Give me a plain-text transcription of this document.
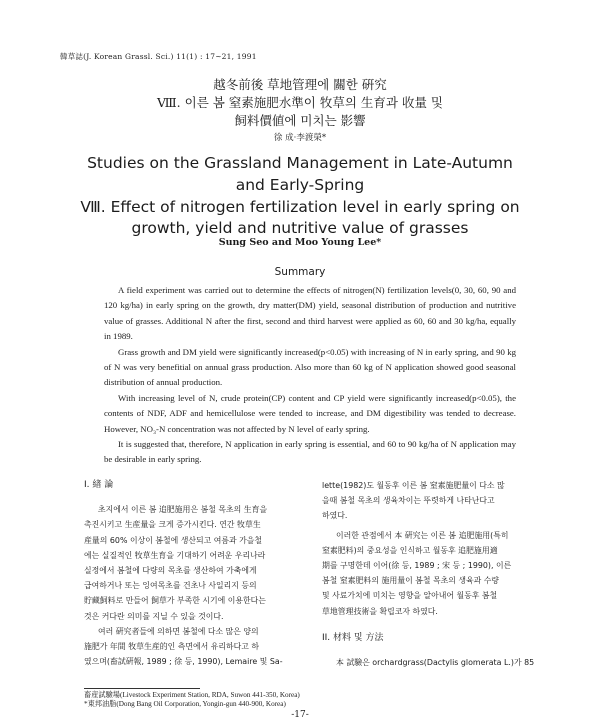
韓草誌(J. Korean Grassl. Sci.) 11(1) : 17~21, 1991
越冬前後 草地管理에 關한 硏究
Ⅷ. 이른 봄 窒素施肥水準이 牧草의 生育과 收量 및
飼料價値에 미치는 影響
徐 成·李渡榮*
Studies on the Grassland Management in Late-Autumn
and Early-Spring
Ⅷ. Effect of nitrogen fertilization level in early spring on
growth, yield and nutritive value of grasses
Sung Seo and Moo Young Lee*
Summary

A field experiment was carried out to determine the effects of nitrogen(N) fertilization levels(0, 30, 60, 90 and 120 kg/ha) in early spring on the growth, dry matter(DM) yield, seasonal distribution of production and nutritive value of grasses. Additional N after the first, second and third harvest were applied as 60, 60 and 30 kg/ha, equally in 1989.

Grass growth and DM yield were significantly increased(p<0.05) with increasing of N in early spring, and 90 kg of N was very benefitial on annual grass production. Also more than 60 kg of N application showed good seasonal distribution of annual production.

With increasing level of N, crude protein(CP) content and CP yield were significantly increased(p<0.05), the contents of NDF, ADF and hemicellulose were tended to increase, and DM digestibility was tended to decrease. However, NO₃-N concentration was not affected by N level of early spring.

It is suggested that, therefore, N application in early spring is essential, and 60 to 90 kg/ha of N application may be desirable in early spring.

I. 緖 論
초지에서 이른 봄 追肥施用은 봄철 목초의 生育을
촉진시키고 生産量을 크게 증가시킨다. 연간 牧草生
産量의 60% 이상이 봄철에 생산되고 여름과 가을철
에는 실질적인 牧草生育을 기대하기 어려운 우리나라
실정에서 봄철에 다량의 목초를 생산하여 가축에게
급여하거나 또는 잉여목초를 건초나 사일리지 등의
貯藏飼料로 만들어 飼草가 부족한 시기에 이용한다는
것은 커다란 의미를 지닐 수 있을 것이다.
여러 硏究者들에 의하면 봄철에 다소 많은 양의
施肥가 年間 牧草生産的인 측면에서 유리하다고 하
였으며(畜試硏報, 1989 ; 徐 등, 1990), Lemaire 및 Sa-
lette(1982)도 월동후 이른 봄 窒素施肥量이 다소 많
을때 봄철 목초의 생육차이는 뚜렷하게 나타난다고
하였다.
이러한 관점에서 本 硏究는 이른 봄 追肥施用(특히
窒素肥料)의 중요성을 인식하고 월동후 追肥施用適
期를 구명한데 이어(徐 등, 1989 ; 宋 등 ; 1990), 이른
봄철 窒素肥料의 施用量이 봄철 목초의 생육과 수량
및 사료가치에 미치는 영향을 알아내어 월동후 봄철
草地管理技術을 확립코자 하였다.
II. 材料 및 方法
本 試驗은 orchardgrass(Dactylis glomerata L.)가 85
畜産試驗場(Livestock Experiment Station, RDA, Suwon 441-350, Korea)
*東邦油脂(Dong Bang Oil Corporation, Yongin-gun 440-900, Korea)
-17-
